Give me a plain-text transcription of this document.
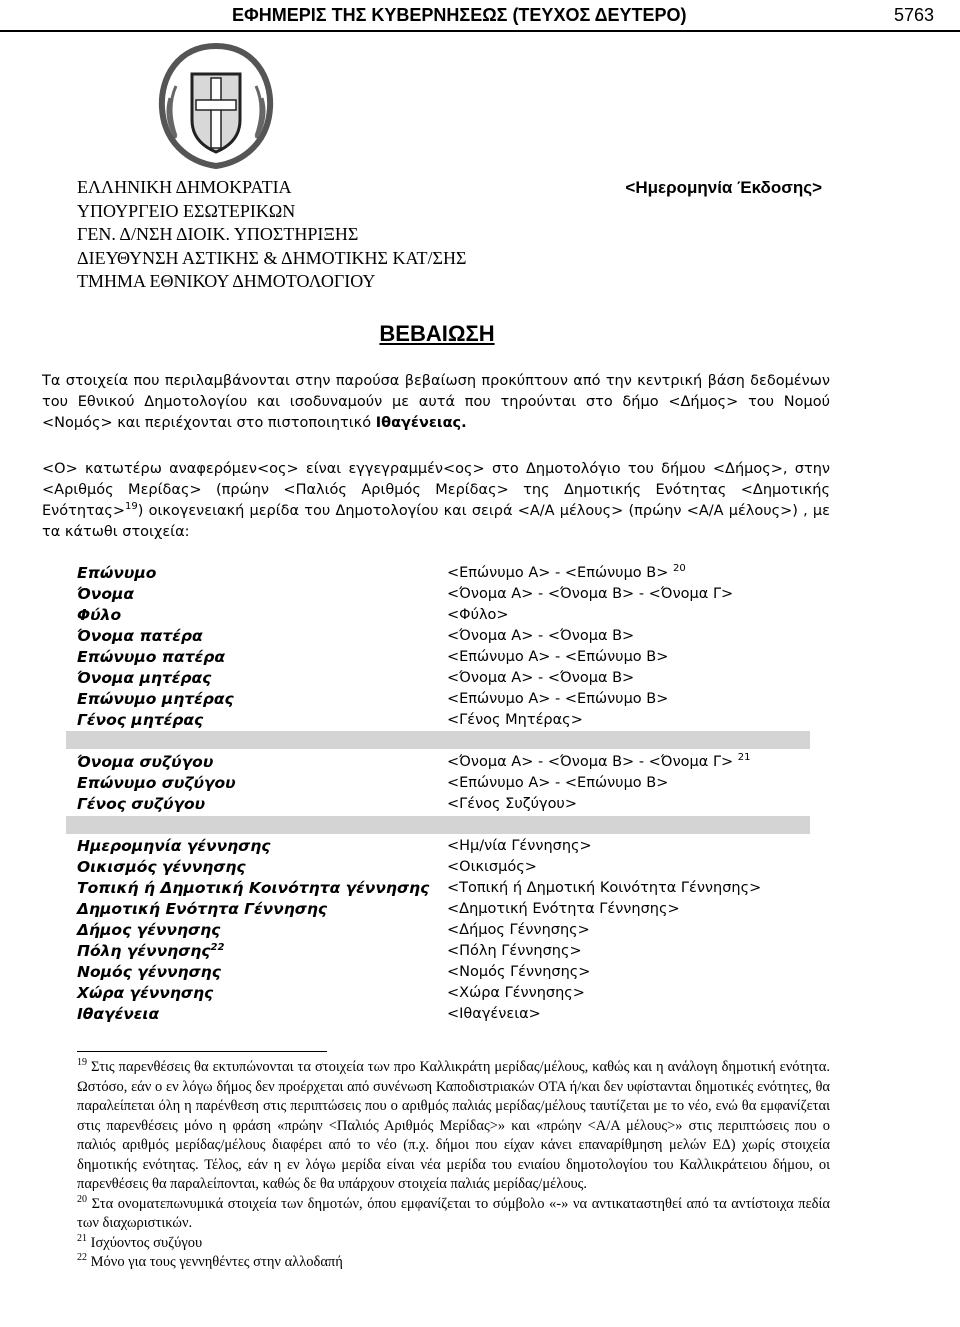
ΕΦΗΜΕΡΙΣ ΤΗΣ ΚΥΒΕΡΝΗΣΕΩΣ (ΤΕΥΧΟΣ ΔΕΥΤΕΡΟ)	5763
ΕΛΛΗΝΙΚΗ ΔΗΜΟΚΡΑΤΙΑ
ΥΠΟΥΡΓΕΙΟ ΕΣΩΤΕΡΙΚΩΝ
ΓΕΝ. Δ/ΝΣΗ ΔΙΟΙΚ. ΥΠΟΣΤΗΡΙΞΗΣ
ΔΙΕΥΘΥΝΣΗ ΑΣΤΙΚΗΣ & ΔΗΜΟΤΙΚΗΣ ΚΑΤ/ΣΗΣ
ΤΜΗΜΑ ΕΘΝΙΚΟΥ ΔΗΜΟΤΟΛΟΓΙΟΥ
<Ημερομηνία Έκδοσης>
ΒΕΒΑΙΩΣΗ
Τα στοιχεία που περιλαμβάνονται στην παρούσα βεβαίωση προκύπτουν από την κεντρική βάση δεδομένων του Εθνικού Δημοτολογίου και ισοδυναμούν με αυτά που τηρούνται στο δήμο <Δήμος> του Νομού <Νομός> και περιέχονται στο πιστοποιητικό Ιθαγένειας.
<Ο> κατωτέρω αναφερόμεν<ος> είναι εγγεγραμμέν<ος> στο Δημοτολόγιο του δήμου <Δήμος>, στην <Αριθμός Μερίδας> (πρώην <Παλιός Αριθμός Μερίδας> της Δημοτικής Ενότητας <Δημοτικής Ενότητας>$^{19}$) οικογενειακή μερίδα του Δημοτολογίου και σειρά <Α/Α μέλους> (πρώην <Α/Α μέλους>) , με τα κάτωθι στοιχεία:
Επώνυμο	<Επώνυμο Α> - <Επώνυμο Β> $^{20}$
Όνομα	<Όνομα Α> - <Όνομα Β> - <Όνομα Γ>
Φύλο	<Φύλο>
Όνομα πατέρα	<Όνομα Α> - <Όνομα Β>
Επώνυμο πατέρα	<Επώνυμο Α> - <Επώνυμο Β>
Όνομα μητέρας	<Όνομα Α> - <Όνομα Β>
Επώνυμο μητέρας	<Επώνυμο Α> - <Επώνυμο Β>
Γένος μητέρας	<Γένος Μητέρας>
Όνομα συζύγου	<Όνομα Α> - <Όνομα Β> - <Όνομα Γ> $^{21}$
Επώνυμο συζύγου	<Επώνυμο Α> - <Επώνυμο Β>
Γένος συζύγου	<Γένος Συζύγου>
Ημερομηνία γέννησης	<Ημ/νία Γέννησης>
Οικισμός γέννησης	<Οικισμός>
Τοπική ή Δημοτική Κοινότητα γέννησης <Τοπική ή Δημοτική Κοινότητα Γέννησης>
Δημοτική Ενότητα Γέννησης	<Δημοτική Ενότητα Γέννησης>
Δήμος γέννησης	<Δήμος Γέννησης>
Πόλη γέννησης$^{22}$	<Πόλη Γέννησης>
Νομός γέννησης	<Νομός Γέννησης>
Χώρα γέννησης	<Χώρα Γέννησης>
Ιθαγένεια	<Ιθαγένεια>

$^{19}$ Στις παρενθέσεις θα εκτυπώνονται τα στοιχεία των προ Καλλικράτη μερίδας/μέλους, καθώς και η ανάλογη δημοτική ενότητα. Ωστόσο, εάν ο εν λόγω δήμος δεν προέρχεται από συνένωση Καποδιστριακών ΟΤΑ ή/και δεν υφίστανται δημοτικές ενότητες, θα παραλείπεται όλη η παρένθεση στις περιπτώσεις που ο αριθμός παλιάς μερίδας/μέλους ταυτίζεται με το νέο, ενώ θα εμφανίζεται στις παρενθέσεις μόνο η φράση «πρώην <Παλιός Αριθμός Μερίδας>» και «πρώην <Α/Α μέλους>» στις περιπτώσεις που ο παλιός αριθμός μερίδας/μέλους διαφέρει από το νέο (π.χ. δήμοι που είχαν κάνει επαναρίθμηση μελών ΕΔ) χωρίς στοιχεία δημοτικής ενότητας. Τέλος, εάν η εν λόγω μερίδα είναι νέα μερίδα του ενιαίου δημοτολογίου του Καλλικράτειου δήμου, οι παρενθέσεις θα παραλείπονται, καθώς δε θα υπάρχουν στοιχεία παλιάς μερίδας/μέλους.

$^{20}$ Στα ονοματεπωνυμικά στοιχεία των δημοτών, όπου εμφανίζεται το σύμβολο «-» να αντικαταστηθεί από τα αντίστοιχα πεδία των διαχωριστικών.

$^{21}$ Ισχύοντος συζύγου

$^{22}$ Μόνο για τους γεννηθέντες στην αλλοδαπή
